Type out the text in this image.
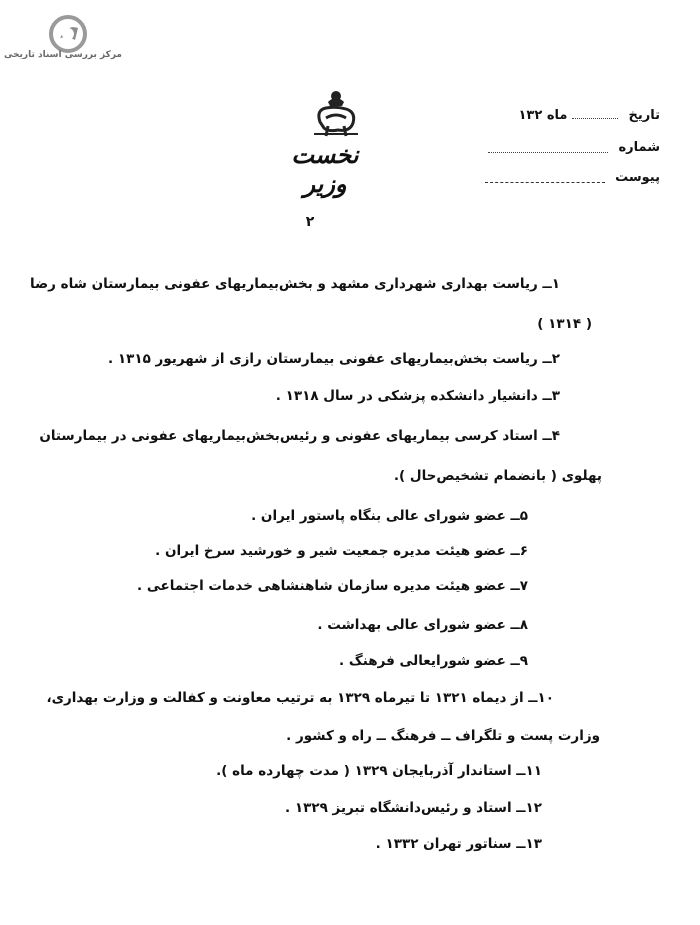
مرکز بررسی اسناد تاریخی
نخست وزیر
تاریخ  ماه ۱۳۲
شماره
پیوست
۲
۱ــ ریاست بهداری شهرداری مشهد و بخش‌بیماریهای عفونی بیمارستان شاه رضا
( ۱۳۱۴ )
۲ــ ریاست بخش‌بیماریهای عفونی بیمارستان رازی از شهریور ۱۳۱۵ .
۳ــ دانشیار دانشکده پزشکی در سال ۱۳۱۸ .
۴ــ استاد کرسی بیماریهای عفونی و رئیس‌بخش‌بیماریهای عفونی در بیمارستان
پهلوی ( بانضمام تشخیص‌حال ).
۵ــ عضو شورای عالی بنگاه پاستور ایران .
۶ــ عضو هیئت مدیره جمعیت شیر و خورشید سرخ ایران .
۷ــ عضو هیئت مدیره سازمان شاهنشاهی خدمات اجتماعی .
۸ــ عضو شورای عالی بهداشت .
۹ــ عضو شورایعالی فرهنگ .
۱۰ــ از دیماه ۱۳۲۱ تا تیرماه ۱۳۲۹ به ترتیب معاونت و کفالت و وزارت بهداری،
وزارت پست و تلگراف ــ فرهنگ ــ راه و کشور .
۱۱ــ استاندار آذربایجان ۱۳۲۹ ( مدت چهارده ماه ).
۱۲ــ استاد و رئیس‌دانشگاه تبریز ۱۳۲۹ .
۱۳ــ سناتور تهران ۱۳۳۲ .
